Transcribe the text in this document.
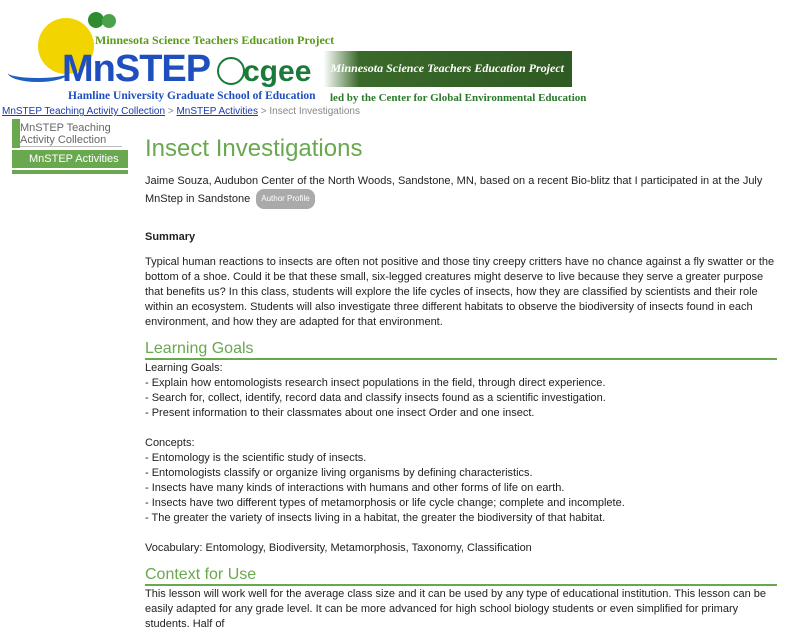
MnSTEP
Minnesota Science Teachers Education Project
Hamline University Graduate School of Education
cgee Minnesota Science Teachers Education Project
led by the Center for Global Environmental Education
MnSTEP Teaching Activity Collection > MnSTEP Activities > Insect Investigations
MnSTEP Teaching Activity Collection
MnSTEP Activities	Insect Investigations
Jaime Souza, Audubon Center of the North Woods, Sandstone, MN, based on a recent Bio-blitz that I participated in at the July MnStep in Sandstone Author Profile
Summary
Typical human reactions to insects are often not positive and those tiny creepy critters have no chance against a fly swatter or the bottom of a shoe. Could it be that these small, six-legged creatures might deserve to live because they serve a greater purpose that benefits us? In this class, students will explore the life cycles of insects, how they are classified by scientists and their role within an ecosystem. Students will also investigate three different habitats to observe the biodiversity of insects found in each environment, and how they are adapted for that environment.
Learning Goals
Learning Goals:
- Explain how entomologists research insect populations in the field, through direct experience.
- Search for, collect, identify, record data and classify insects found as a scientific investigation.
- Present information to their classmates about one insect Order and one insect.
Concepts:
- Entomology is the scientific study of insects.
- Entomologists classify or organize living organisms by defining characteristics.
- Insects have many kinds of interactions with humans and other forms of life on earth.
- Insects have two different types of metamorphosis or life cycle change; complete and incomplete.
- The greater the variety of insects living in a habitat, the greater the biodiversity of that habitat.
Vocabulary: Entomology, Biodiversity, Metamorphosis, Taxonomy, Classification
Context for Use
This lesson will work well for the average class size and it can be used by any type of educational institution. This lesson can be easily adapted for any grade level. It can be more advanced for high school biology students or even simplified for primary students. Half of
